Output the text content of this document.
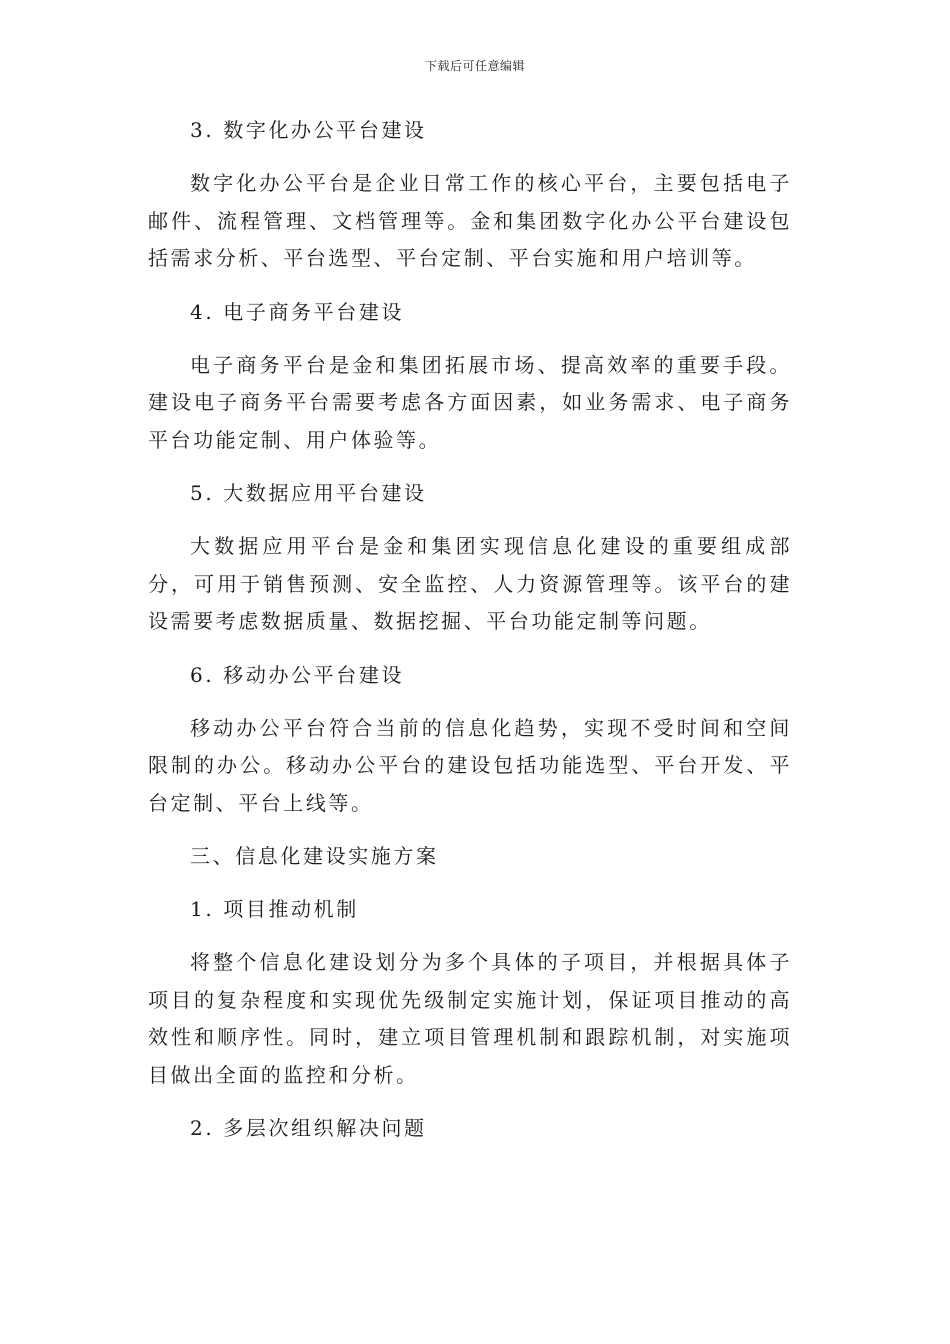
下载后可任意编辑
3. 数字化办公平台建设

数字化办公平台是企业日常工作的核心平台，主要包括电子邮件、流程管理、文档管理等。金和集团数字化办公平台建设包括需求分析、平台选型、平台定制、平台实施和用户培训等。

4. 电子商务平台建设

电子商务平台是金和集团拓展市场、提高效率的重要手段。建设电子商务平台需要考虑各方面因素，如业务需求、电子商务平台功能定制、用户体验等。

5. 大数据应用平台建设

大数据应用平台是金和集团实现信息化建设的重要组成部分，可用于销售预测、安全监控、人力资源管理等。该平台的建设需要考虑数据质量、数据挖掘、平台功能定制等问题。

6. 移动办公平台建设

移动办公平台符合当前的信息化趋势，实现不受时间和空间限制的办公。移动办公平台的建设包括功能选型、平台开发、平台定制、平台上线等。

三、信息化建设实施方案
1. 项目推动机制

将整个信息化建设划分为多个具体的子项目，并根据具体子项目的复杂程度和实现优先级制定实施计划，保证项目推动的高效性和顺序性。同时，建立项目管理机制和跟踪机制，对实施项目做出全面的监控和分析。

2. 多层次组织解决问题
